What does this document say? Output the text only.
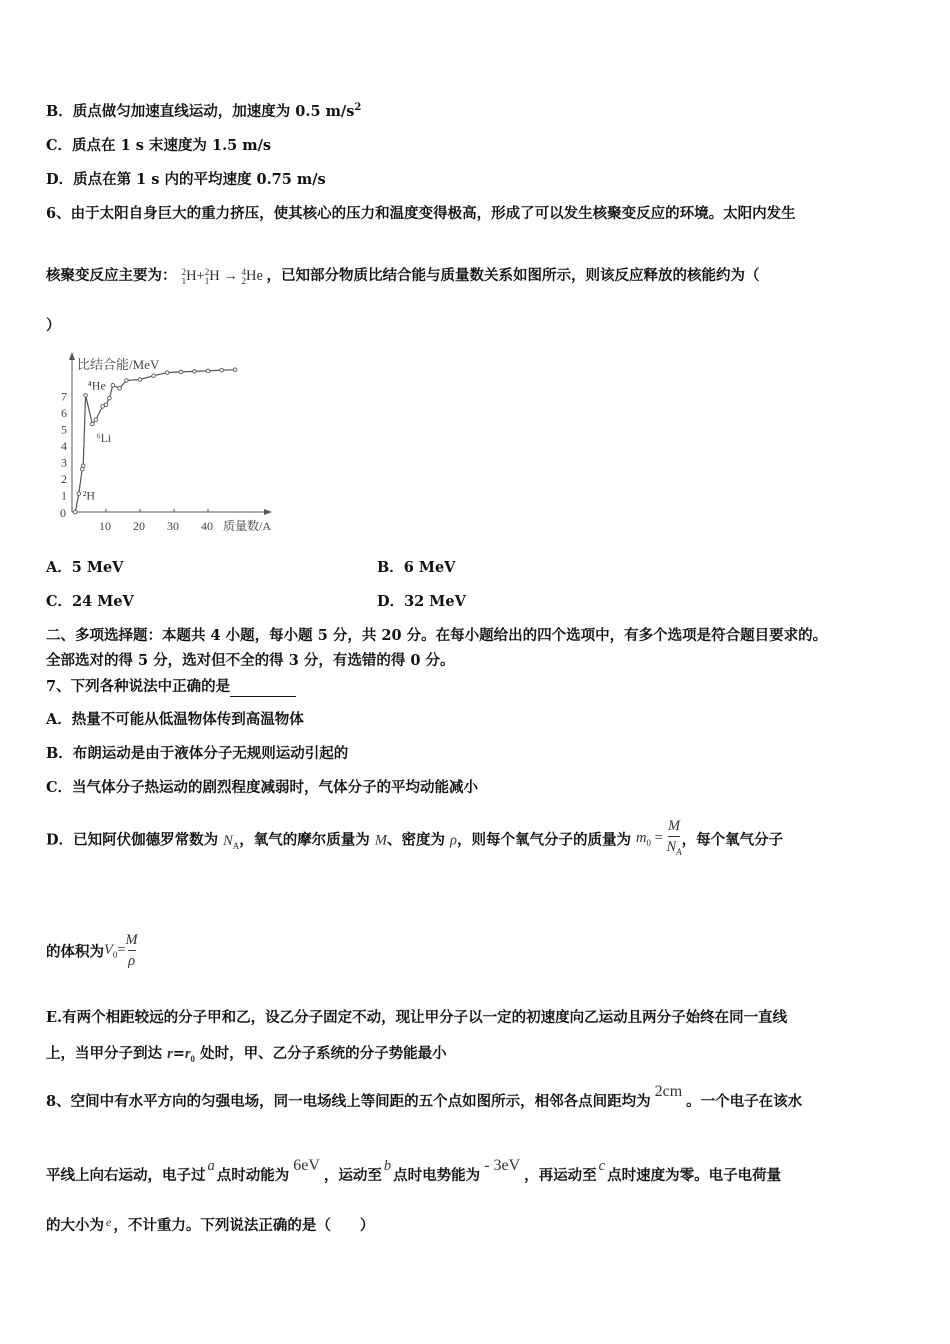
B．质点做匀加速直线运动，加速度为 0.5 $m/s^2$
C．质点在 1 s 末速度为 1.5 m/s
D．质点在第 1 s 内的平均速度 0.75 m/s
6、由于太阳自身巨大的重力挤压，使其核心的压力和温度变得极高，形成了可以发生核聚变反应的环境。太阳内发生
核聚变反应主要为： 2
1H+2
1H → 4
2He ，已知部分物质比结合能与质量数关系如图所示，则该反应释放的核能约为（
）
比结合能/MeV
质量数/A
0
1
2
3
4
5
6
7
10 20 30 40
⁴He
⁶Li
²H
A．5 MeV	B．6 MeV
C．24 MeV	D．32 MeV
二、多项选择题：本题共 4 小题，每小题 5 分，共 20 分。在每小题给出的四个选项中，有多个选项是符合题目要求的。
全部选对的得 5 分，选对但不全的得 3 分，有选错的得 0 分。
7、下列各种说法中正确的是
A．热量不可能从低温物体传到高温物体
B．布朗运动是由于液体分子无规则运动引起的
C．当气体分子热运动的剧烈程度减弱时，气体分子的平均动能减小
D．已知阿伏伽德罗常数为 $N_A$，氧气的摩尔质量为 M、密度为 ρ，则每个氧气分子的质量为 $m_0 = \frac{M}{N_A}$ ，每个氧气分子
的体积为$V_0= \frac{M}{\rho}$
E.有两个相距较远的分子甲和乙，设乙分子固定不动，现让甲分子以一定的初速度向乙运动且两分子始终在同一直线
上，当甲分子到达 $r=r_0$ 处时，甲、乙分子系统的分子势能最小
8、空间中有水平方向的匀强电场，同一电场线上等间距的五个点如图所示，相邻各点间距均为2cm。一个电子在该水
平线上向右运动，电子过a点时动能为6eV，运动至b点时电势能为- 3eV，再运动至c点时速度为零。电子电荷量
的大小为 $^e$ ，不计重力。下列说法正确的是（　　）
